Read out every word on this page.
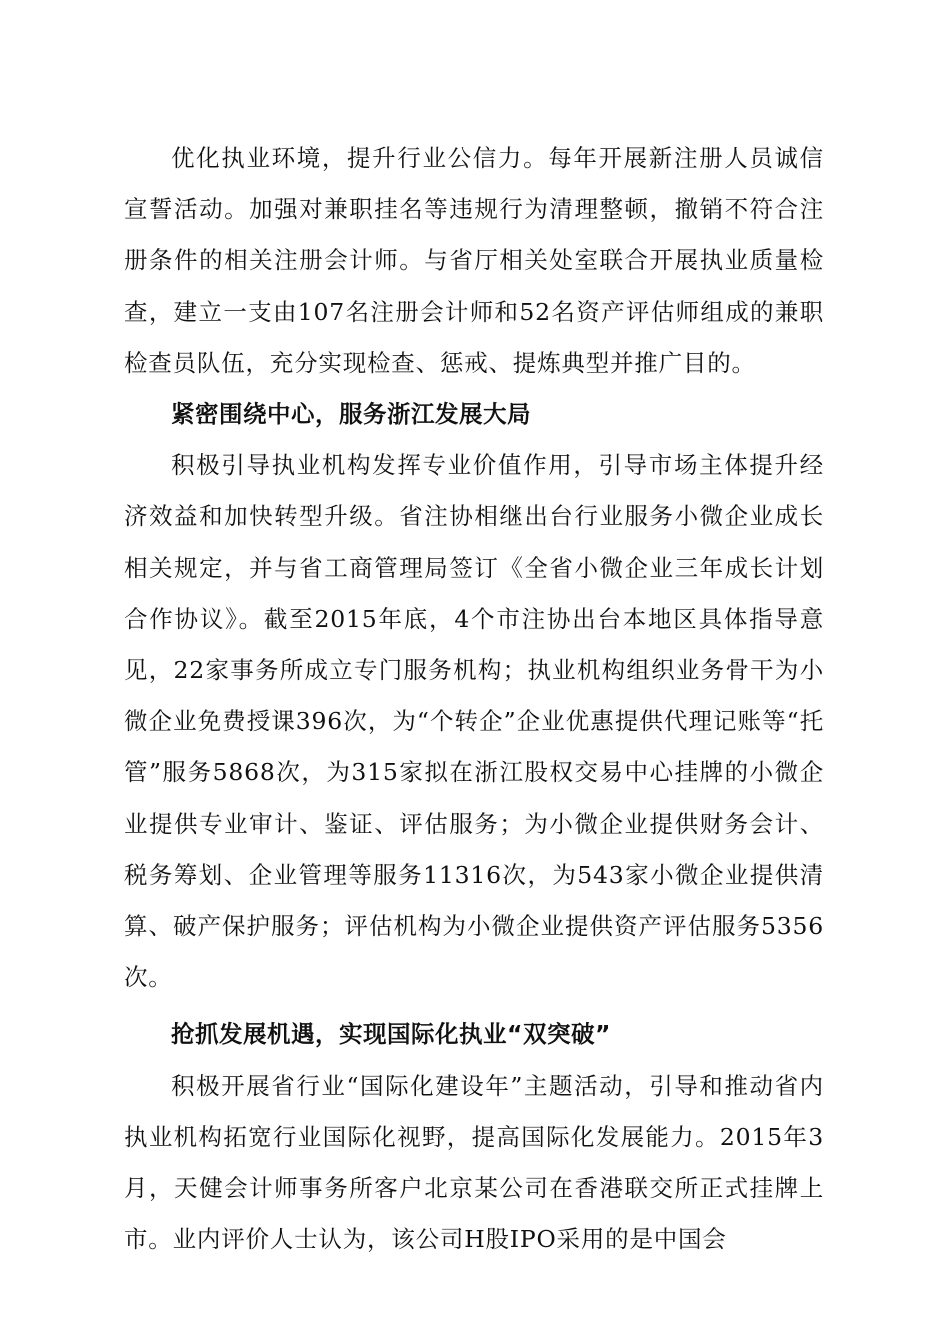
优化执业环境，提升行业公信力。每年开展新注册人员诚信宣誓活动。加强对兼职挂名等违规行为清理整顿，撤销不符合注册条件的相关注册会计师。与省厅相关处室联合开展执业质量检查，建立一支由107名注册会计师和52名资产评估师组成的兼职检查员队伍，充分实现检查、惩戒、提炼典型并推广目的。

紧密围绕中心，服务浙江发展大局

积极引导执业机构发挥专业价值作用，引导市场主体提升经济效益和加快转型升级。省注协相继出台行业服务小微企业成长相关规定，并与省工商管理局签订《全省小微企业三年成长计划合作协议》。截至2015年底，4个市注协出台本地区具体指导意见，22家事务所成立专门服务机构；执业机构组织业务骨干为小微企业免费授课396次，为“个转企”企业优惠提供代理记账等“托管”服务5868次，为315家拟在浙江股权交易中心挂牌的小微企业提供专业审计、鉴证、评估服务；为小微企业提供财务会计、税务筹划、企业管理等服务11316次，为543家小微企业提供清算、破产保护服务；评估机构为小微企业提供资产评估服务5356次。

抢抓发展机遇，实现国际化执业“双突破”

积极开展省行业“国际化建设年”主题活动，引导和推动省内执业机构拓宽行业国际化视野，提高国际化发展能力。2015年3月，天健会计师事务所客户北京某公司在香港联交所正式挂牌上市。业内评价人士认为，该公司H股IPO采用的是中国会
